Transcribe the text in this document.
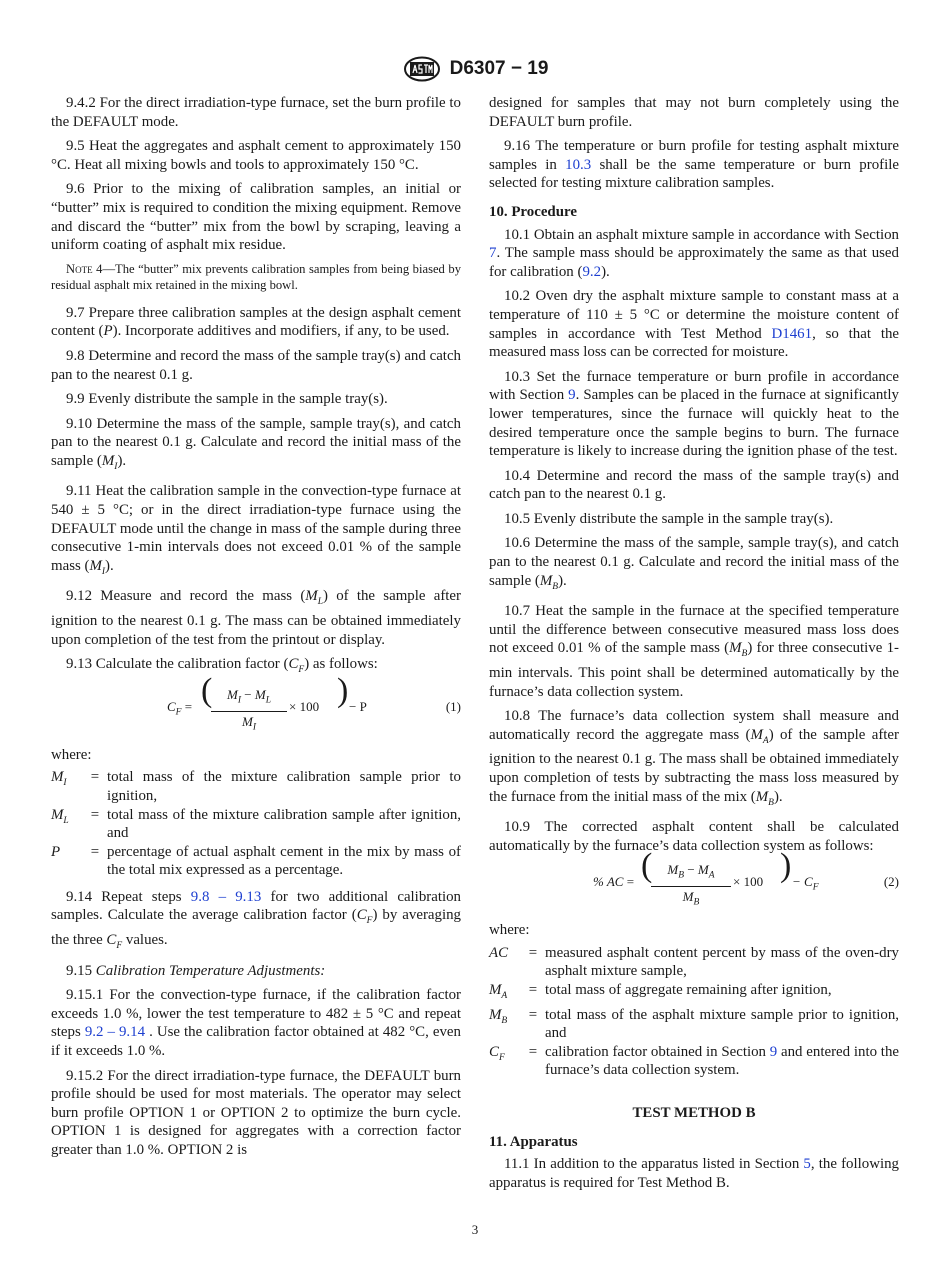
D6307 − 19

9.4.2 For the direct irradiation-type furnace, set the burn profile to the DEFAULT mode.

9.5 Heat the aggregates and asphalt cement to approximately 150 °C. Heat all mixing bowls and tools to approximately 150 °C.

9.6 Prior to the mixing of calibration samples, an initial or “butter” mix is required to condition the mixing equipment. Remove and discard the “butter” mix from the bowl by scraping, leaving a uniform coating of asphalt mix residue.

Note 4—The “butter” mix prevents calibration samples from being biased by residual asphalt mix retained in the mixing bowl.

9.7 Prepare three calibration samples at the design asphalt cement content (P). Incorporate additives and modifiers, if any, to be used.

9.8 Determine and record the mass of the sample tray(s) and catch pan to the nearest 0.1 g.

9.9 Evenly distribute the sample in the sample tray(s).

9.10 Determine the mass of the sample, sample tray(s), and catch pan to the nearest 0.1 g. Calculate and record the initial mass of the sample $(M_I)$.

9.11 Heat the calibration sample in the convection-type furnace at 540 ± 5 °C; or in the direct irradiation-type furnace using the DEFAULT mode until the change in mass of the sample during three consecutive 1-min intervals does not exceed 0.01 % of the sample mass $(M_I)$.

9.12 Measure and record the mass $(M_L)$ of the sample after ignition to the nearest 0.1 g. The mass can be obtained immediately upon completion of the test from the printout or display.

9.13 Calculate the calibration factor $(C_F)$ as follows:

$C_F$ = (
$\frac{M_I - M_L}{M_I} \times 100$ ) − P	(1)

where:

$M_I$	= total mass of the mixture calibration sample prior to ignition,
$M_L$	= total mass of the mixture calibration sample after ignition, and
P	= percentage of actual asphalt cement in the mix by mass of the total mix expressed as a percentage.

9.14 Repeat steps 9.8 – 9.13 for two additional calibration samples. Calculate the average calibration factor $(C_F)$ by averaging the three $C_F$ values.

9.15 Calibration Temperature Adjustments:

9.15.1 For the convection-type furnace, if the calibration factor exceeds 1.0 %, lower the test temperature to 482 ± 5 °C and repeat steps 9.2 – 9.14 . Use the calibration factor obtained at 482 °C, even if it exceeds 1.0 %.

9.15.2 For the direct irradiation-type furnace, the DEFAULT burn profile should be used for most materials. The operator may select burn profile OPTION 1 or OPTION 2 to optimize the burn cycle. OPTION 1 is designed for aggregates with a correction factor greater than 1.0 %. OPTION 2 is

designed for samples that may not burn completely using the DEFAULT burn profile.

9.16 The temperature or burn profile for testing asphalt mixture samples in 10.3 shall be the same temperature or burn profile selected for testing mixture calibration samples.

10. Procedure

10.1 Obtain an asphalt mixture sample in accordance with Section 7. The sample mass should be approximately the same as that used for calibration (9.2).

10.2 Oven dry the asphalt mixture sample to constant mass at a temperature of 110 ± 5 °C or determine the moisture content of samples in accordance with Test Method D1461, so that the measured mass loss can be corrected for moisture.

10.3 Set the furnace temperature or burn profile in accordance with Section 9. Samples can be placed in the furnace at significantly lower temperatures, since the furnace will quickly heat to the desired temperature once the sample begins to burn. The furnace temperature is likely to increase during the ignition phase of the test.

10.4 Determine and record the mass of the sample tray(s) and catch pan to the nearest 0.1 g.

10.5 Evenly distribute the sample in the sample tray(s).

10.6 Determine the mass of the sample, sample tray(s), and catch pan to the nearest 0.1 g. Calculate and record the initial mass of the sample $(M_B)$.

10.7 Heat the sample in the furnace at the specified temperature until the difference between consecutive measured mass loss does not exceed 0.01 % of the sample mass $(M_B)$ for three consecutive 1-min intervals. This point shall be determined automatically by the furnace’s data collection system.

10.8 The furnace’s data collection system shall measure and automatically record the aggregate mass $(M_A)$ of the sample after ignition to the nearest 0.1 g. The mass shall be obtained immediately upon completion of tests by subtracting the mass loss measured by the furnace from the initial mass of the mix $(M_B)$.

10.9 The corrected asphalt content shall be calculated automatically by the furnace’s data collection system as follows:

% AC = (
$\frac{M_B - M_A}{M_B} \times 100$ ) − $C_F$	(2)

where:

AC	= measured asphalt content percent by mass of the oven-dry asphalt mixture sample,
$M_A$	= total mass of aggregate remaining after ignition,
$M_B$	= total mass of the asphalt mixture sample prior to ignition, and
$C_F$	= calibration factor obtained in Section 9 and entered into the furnace’s data collection system.

TEST METHOD B

11. Apparatus

11.1 In addition to the apparatus listed in Section 5, the following apparatus is required for Test Method B.

3
